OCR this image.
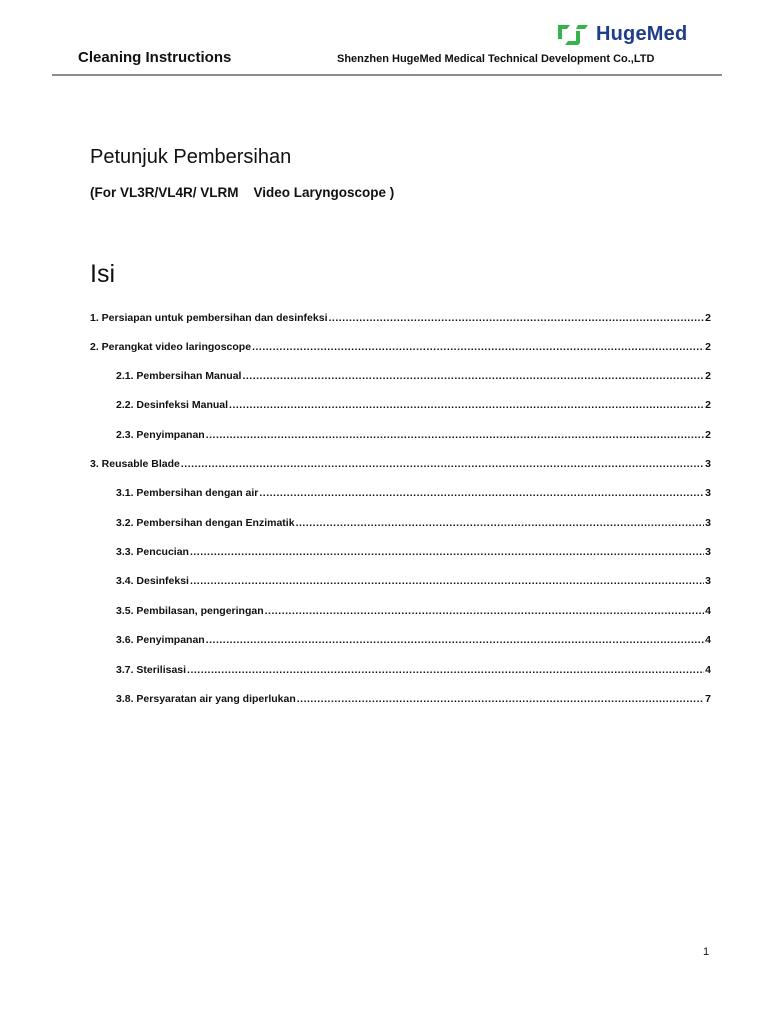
HugeMed
Cleaning Instructions	Shenzhen HugeMed Medical Technical Development Co.,LTD
Petunjuk Pembersihan
(For VL3R/VL4R/ VLRM    Video Laryngoscope )
Isi
1. Persiapan untuk pembersihan dan desinfeksi .....	2
2. Perangkat video laringoscope .....	2
2.1. Pembersihan Manual .....	2
2.2. Desinfeksi Manual .....	2
2.3. Penyimpanan .....	2
3. Reusable Blade .....	3
3.1. Pembersihan dengan air .....	3
3.2. Pembersihan dengan Enzimatik .....	3
3.3. Pencucian .....	3
3.4. Desinfeksi .....	3
3.5. Pembilasan, pengeringan .....	4
3.6. Penyimpanan .....	4
3.7. Sterilisasi .....	4
3.8. Persyaratan air yang diperlukan .....	7
1
